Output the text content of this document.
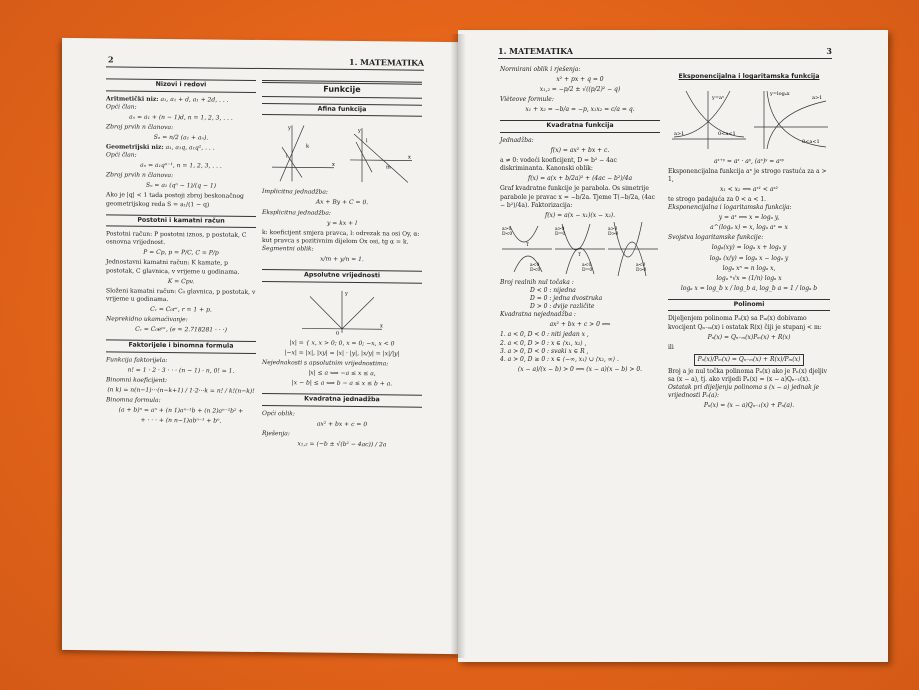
2	1. MATEMATIKA
Nizovi i redovi
Aritmetički niz: a₁, a₁ + d, a₁ + 2d, . . .
Opći član:
aₙ = a₁ + (n − 1)d, n = 1, 2, 3, . . .
Zbroj prvih n članova:
Sₙ = n/2 (a₁ + aₙ).
Geometrijski niz: a₁, a₁q, a₁q², . . .
Opći član:
aₙ = a₁qⁿ⁻¹, n = 1, 2, 3, . . .
Zbroj prvih n članova:
Sₙ = a₁ (qⁿ − 1)/(q − 1)
Ako je |q| < 1 tada postoji zbroj beskonačnog geometrijskog reda S = a₁/(1 − q)
Postotni i kamatni račun
Postotni račun: P postotni iznos, p postotak, C osnovna vrijednost.
P = Cp, p = P/C, C = P/p
Jednostavni kamatni račun: K kamate, p postotak, C glavnica, v vrijeme u godinama.
K = Cpv.
Složeni kamatni račun: C₀ glavnica, p postotak, v vrijeme u godinama.
Cᵥ = C₀rᵛ, r = 1 + p.
Neprekidno ukamaćivanje:
Cᵥ = C₀eᵖᵛ, (e ≈ 2.718281 · · ·)
Faktorijele i binomna formula
Funkcija faktorijela:
n! = 1 · 2 · 3 · · · (n − 1) · n, 0! = 1.
Binomni koeficijent:
(n k) = n(n−1)···(n−k+1) / 1·2···k = n! / k!(n−k)!
Binomna formula:
(a + b)ⁿ = aⁿ + (n 1)aⁿ⁻¹b + (n 2)aⁿ⁻²b² +
+ · · · + (n n−1)abⁿ⁻¹ + bⁿ.
Funkcije
Afina funkcija
y
k
l
x
y
l
m
x
Implicitna jednadžba:
Ax + By + C = 0.
Eksplicitna jednadžba:
y = kx + l
k: koeficijent smjera pravca, l: odrezak na osi Oy, α: kut pravca s pozitivnim dijelom Ox osi, tg α = k.
Segmentni oblik:
x/m + y/n = 1.
Apsolutne vrijednosti
y
0
x
|x| = { x, x > 0; 0, x = 0; −x, x < 0
|−x| = |x|, |xy| = |x| · |y|, |x/y| = |x|/|y|
Nejednakosti s apsolutnim vrijednostima:
|x| ≤ a ⟺ −a ≤ x ≤ a,
|x − b| ≤ a ⟺ b − a ≤ x ≤ b + a.
Kvadratna jednadžba
Opći oblik:
ax² + bx + c = 0
Rješenja:
x₁,₂ = (−b ± √(b² − 4ac)) / 2a
1. MATEMATIKA	3
Normirani oblik i rješenja:
x² + px + q = 0
x₁,₂ = −p/2 ± √((p/2)² − q)
Vièteove formule:
x₁ + x₂ = −b/a = −p, x₁x₂ = c/a = q.
Kvadratna funkcija
Jednadžba:
f(x) = ax² + bx + c.
a ≠ 0: vodeći koeficijent, D = b² − 4ac diskriminanta. Kanonski oblik:
f(x) = a(x + b/2a)² + (4ac − b²)/4a
Graf kvadratne funkcije je parabola. Os simetrije parabole je pravac x = −b/2a. Tjeme T(−b/2a, (4ac − b²)/4a). Faktorizacija:
f(x) = a(x − x₁)(x − x₂).
a>0
D<0
a>0
D=0
a>0
D>0
a<0
D<0
a<0
D=0
a<0
D>0
T
T
Broj realnih nul točaka :
D < 0 : nijedna
D = 0 : jedna dvostruka
D > 0 : dvije različite
Kvadratna nejednadžba :
ax² + bx + c > 0 ⟺
1. a < 0, D < 0 : niti jedan x ,
2. a < 0, D > 0 : x ∈ ⟨x₁, x₂⟩ ,
3. a > 0, D < 0 : svaki x ∈ R ,
4. a > 0, D ≥ 0 : x ∈ ⟨−∞, x₁⟩ ∪ ⟨x₂, ∞⟩ .
(x − a)/(x − b) > 0 ⟺ (x − a)(x − b) > 0.
Eksponencijalna i logaritamska funkcija
y=aˣ
a>1	0<a<1
y=logₐx
a>1
0<a<1
aˣ⁺ʸ = aˣ · aʸ, (aˣ)ʸ = aˣʸ
Eksponencijalna funkcija aˣ je strogo rastuća za a > 1,
x₁ < x₂ ⟹ aˣ¹ < aˣ²
te strogo padajuća za 0 < a < 1.
Eksponencijalna i logaritamska funkcija:
y = aˣ ⟺ x = logₐ y,
a^(logₐ x) = x, logₐ aˣ = x
Svojstva logaritamske funkcije:
logₐ(xy) = logₐ x + logₐ y
logₐ (x/y) = logₐ x − logₐ y
logₐ xⁿ = n logₐ x,
logₐ ⁿ√x = (1/n) logₐ x
logₐ x = log_b x / log_b a, log_b a = 1 / logₐ b
Polinomi
Dijeljenjem polinoma Pₙ(x) sa Pₘ(x) dobivamo kvocijent Qₙ₋ₘ(x) i ostatak R(x) čiji je stupanj < m:
Pₙ(x) = Qₙ₋ₘ(x)Pₘ(x) + R(x)
ili
Pₙ(x)/Pₘ(x) = Qₙ₋ₘ(x) + R(x)/Pₘ(x)
Broj a je nul točka polinoma Pₙ(x) ako je Pₙ(x) djeljiv sa (x − a), tj. ako vrijedi Pₙ(x) = (x − a)Qₙ₋₁(x).
Ostatak pri dijeljenju polinoma s (x − a) jednak je vrijednosti Pₙ(a):
Pₙ(x) = (x − a)Qₙ₋₁(x) + Pₙ(a).
